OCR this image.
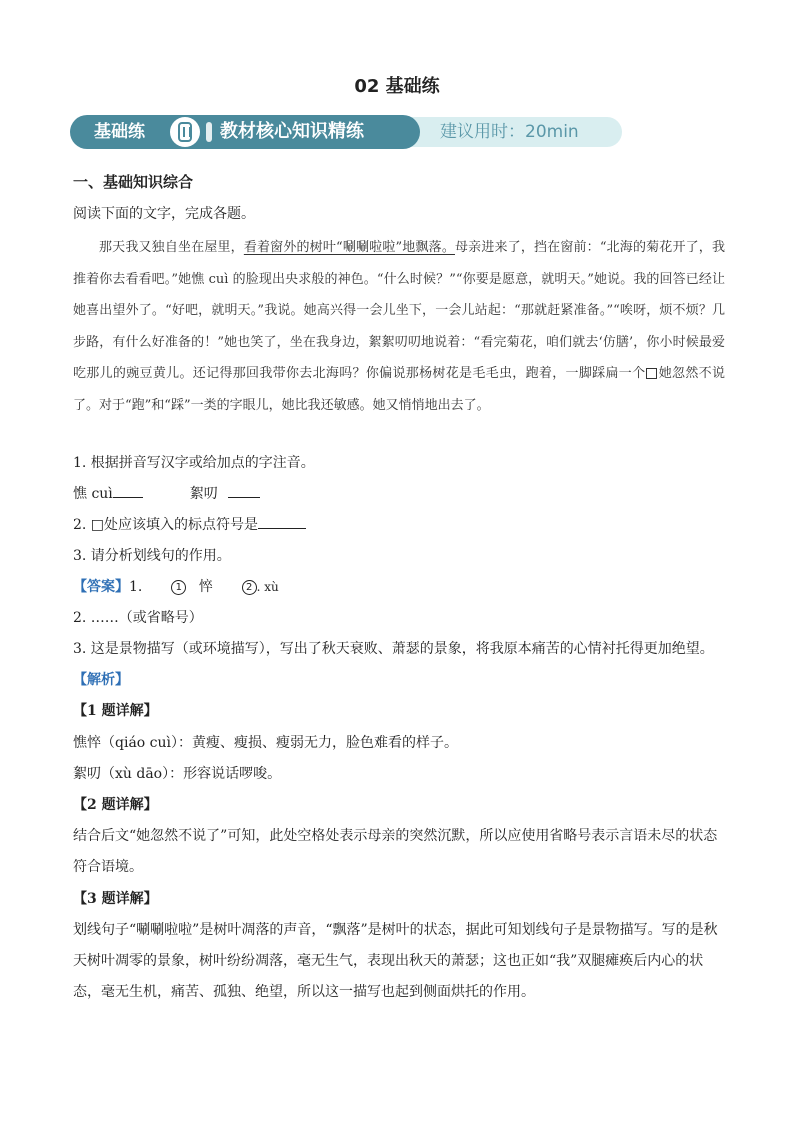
02 基础练
基础练	教材核心知识精练	建议用时：20min
一、基础知识综合
阅读下面的文字，完成各题。
那天我又独自坐在屋里，看着窗外的树叶“唰唰啦啦”地飘落。母亲进来了，挡在窗前：“北海的菊花开了，我推着你去看看吧。”她憔 cuì 的脸现出央求般的神色。“什么时候？”“你要是愿意，就明天。”她说。我的回答已经让她喜出望外了。“好吧，就明天。”我说。她高兴得一会儿坐下，一会儿站起：“那就赶紧准备。”“唉呀，烦不烦？几步路，有什么好准备的！”她也笑了，坐在我身边，絮絮叨叨地说着：“看完菊花，咱们就去‘仿膳’，你小时候最爱吃那儿的豌豆黄儿。还记得那回我带你去北海吗？你偏说那杨树花是毛毛虫，跑着，一脚踩扁一个 她忽然不说了。对于“跑”和“踩”一类的字眼儿，她比我还敏感。她又悄悄地出去了。
1. 根据拼音写汉字或给加点的字注音。
憔 cuì	絮叨
2. □处应该填入的标点符号是
3. 请分析划线句的作用。
【答案】1.	1 悴	2 . xù
2. ……（或省略号）
3. 这是景物描写（或环境描写），写出了秋天衰败、萧瑟的景象，将我原本痛苦的心情衬托得更加绝望。
【解析】
【1 题详解】
憔悴（qiáo cuì）：黄瘦、瘦损、瘦弱无力，脸色难看的样子。
絮叨（xù dāo）：形容说话啰唆。
【2 题详解】
结合后文“她忽然不说了”可知，此处空格处表示母亲的突然沉默，所以应使用省略号表示言语未尽的状态符合语境。
【3 题详解】
划线句子“唰唰啦啦”是树叶凋落的声音，“飘落”是树叶的状态，据此可知划线句子是景物描写。写的是秋天树叶凋零的景象，树叶纷纷凋落，毫无生气，表现出秋天的萧瑟；这也正如“我”双腿瘫痪后内心的状态，毫无生机，痛苦、孤独、绝望，所以这一描写也起到侧面烘托的作用。
